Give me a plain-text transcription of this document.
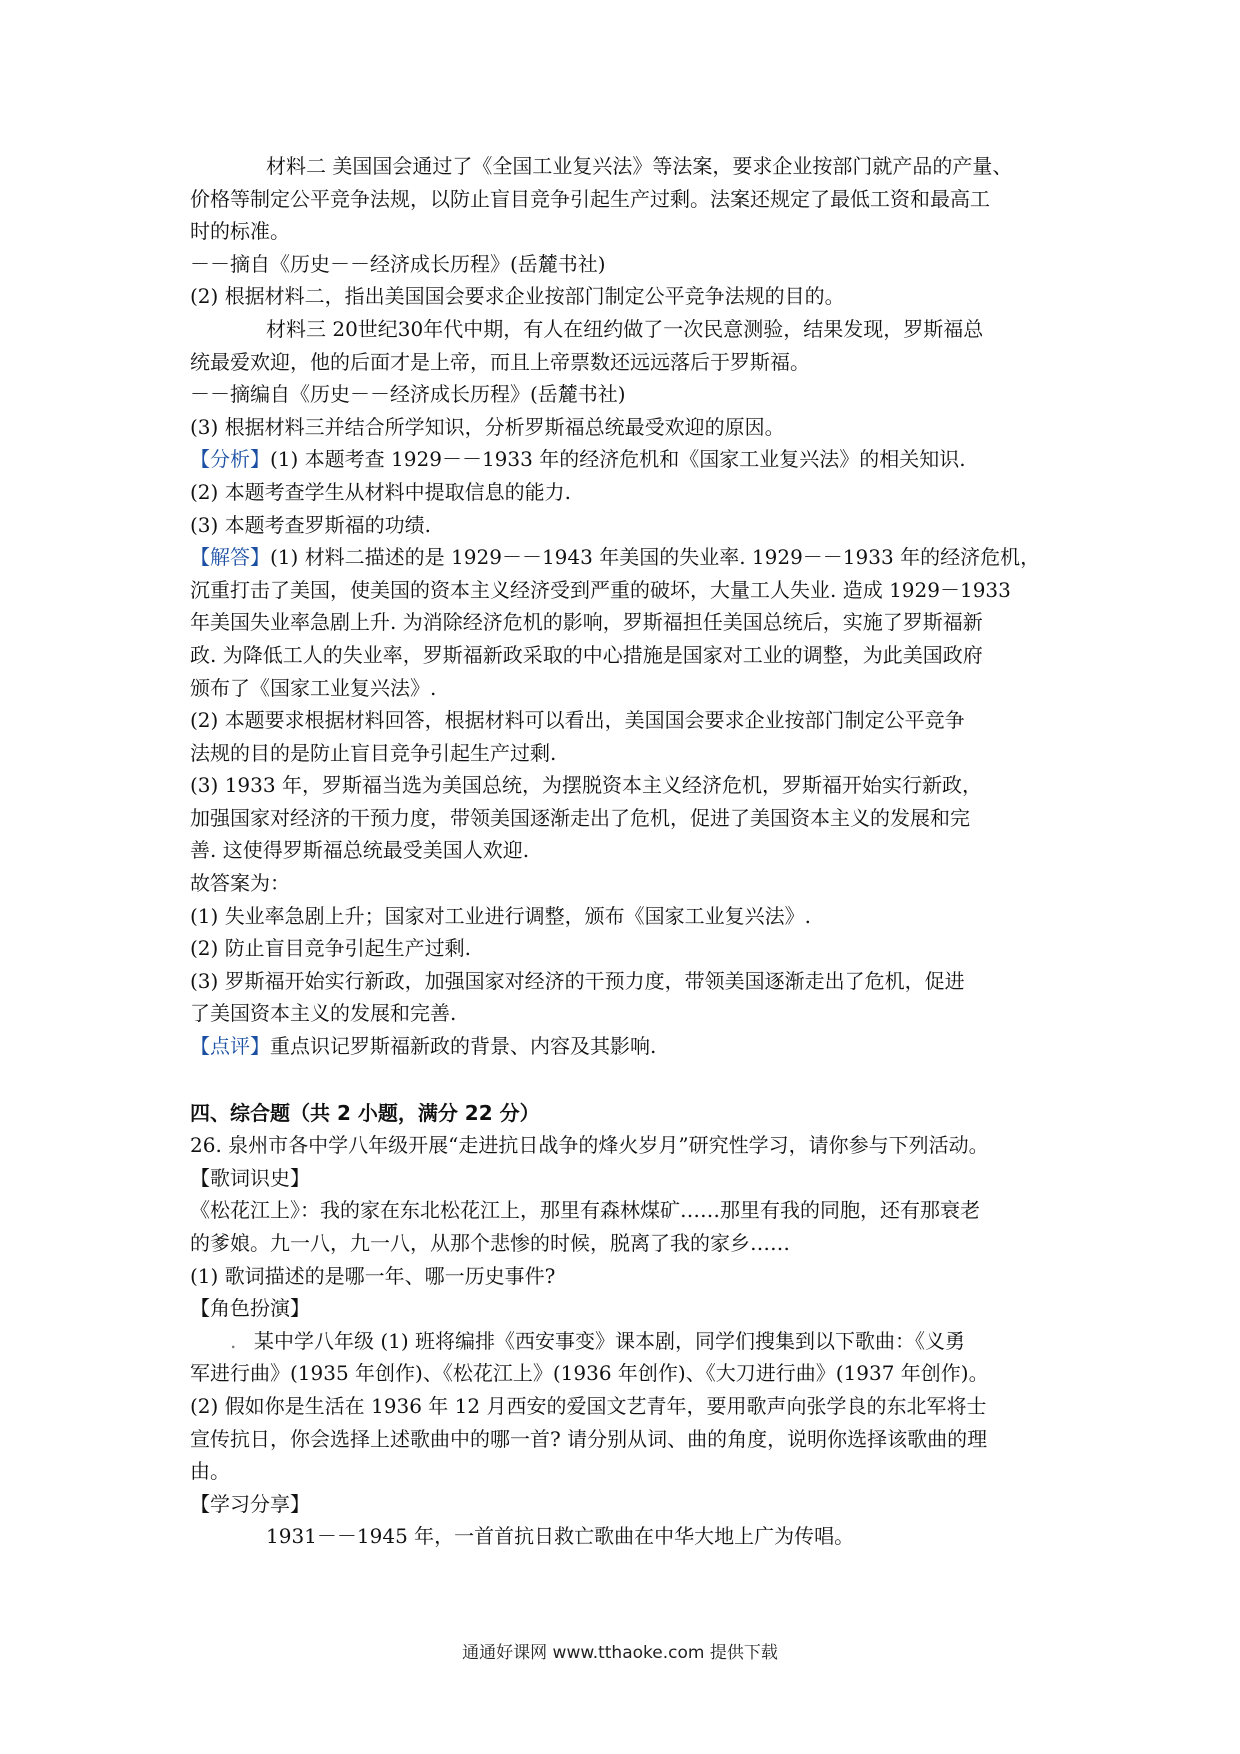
材料二 美国国会通过了《全国工业复兴法》等法案，要求企业按部门就产品的产量、
价格等制定公平竞争法规，以防止盲目竞争引起生产过剩。法案还规定了最低工资和最高工
时的标准。
－－摘自《历史－－经济成长历程》(岳麓书社)
(2) 根据材料二，指出美国国会要求企业按部门制定公平竞争法规的目的。
材料三 20世纪30年代中期，有人在纽约做了一次民意测验，结果发现，罗斯福总
统最爱欢迎，他的后面才是上帝，而且上帝票数还远远落后于罗斯福。
－－摘编自《历史－－经济成长历程》(岳麓书社)
(3) 根据材料三并结合所学知识，分析罗斯福总统最受欢迎的原因。
【分析】(1) 本题考查 1929－－1933 年的经济危机和《国家工业复兴法》的相关知识.
(2) 本题考查学生从材料中提取信息的能力.
(3) 本题考查罗斯福的功绩.
【解答】(1) 材料二描述的是 1929－－1943 年美国的失业率. 1929－－1933 年的经济危机，
沉重打击了美国，使美国的资本主义经济受到严重的破坏，大量工人失业. 造成 1929－1933
年美国失业率急剧上升. 为消除经济危机的影响，罗斯福担任美国总统后，实施了罗斯福新
政. 为降低工人的失业率，罗斯福新政采取的中心措施是国家对工业的调整，为此美国政府
颁布了《国家工业复兴法》.
(2) 本题要求根据材料回答，根据材料可以看出，美国国会要求企业按部门制定公平竞争
法规的目的是防止盲目竞争引起生产过剩.
(3) 1933 年，罗斯福当选为美国总统，为摆脱资本主义经济危机，罗斯福开始实行新政，
加强国家对经济的干预力度，带领美国逐渐走出了危机，促进了美国资本主义的发展和完
善. 这使得罗斯福总统最受美国人欢迎.
故答案为：
(1) 失业率急剧上升；国家对工业进行调整，颁布《国家工业复兴法》.
(2) 防止盲目竞争引起生产过剩.
(3) 罗斯福开始实行新政，加强国家对经济的干预力度，带领美国逐渐走出了危机，促进
了美国资本主义的发展和完善.
【点评】重点识记罗斯福新政的背景、内容及其影响.
四、综合题（共 2 小题，满分 22 分）
26. 泉州市各中学八年级开展“走进抗日战争的烽火岁月”研究性学习，请你参与下列活动。
【歌词识史】
《松花江上》：我的家在东北松花江上，那里有森林煤矿……那里有我的同胞，还有那衰老
的爹娘。九一八，九一八，从那个悲惨的时候，脱离了我的家乡……
(1) 歌词描述的是哪一年、哪一历史事件?
【角色扮演】
. 某中学八年级 (1) 班将编排《西安事变》课本剧，同学们搜集到以下歌曲：《义勇
军进行曲》(1935 年创作)、《松花江上》(1936 年创作)、《大刀进行曲》(1937 年创作)。
(2) 假如你是生活在 1936 年 12 月西安的爱国文艺青年，要用歌声向张学良的东北军将士
宣传抗日，你会选择上述歌曲中的哪一首? 请分别从词、曲的角度，说明你选择该歌曲的理
由。
【学习分享】
1931－－1945 年，一首首抗日救亡歌曲在中华大地上广为传唱。
通通好课网 www.tthaoke.com 提供下载
